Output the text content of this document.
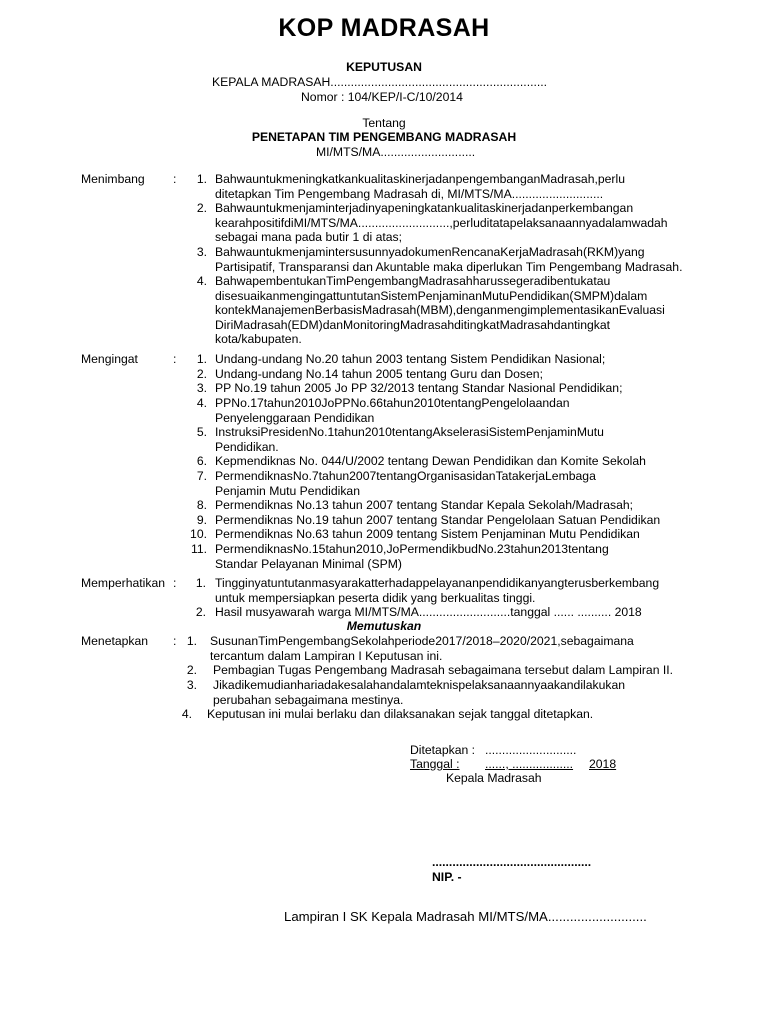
KOP MADRASAH
KEPUTUSAN
KEPALA MADRASAH................................................................
Nomor : 104/KEP/I-C/10/2014
Tentang
PENETAPAN TIM PENGEMBANG MADRASAH
MI/MTS/MA............................
Menimbang :	1. BahwauntukmeningkatkankualitaskinerjadanpengembanganMadrasah,perlu
ditetapkan Tim Pengembang Madrasah di, MI/MTS/MA...........................
2. Bahwauntukmenjaminterjadinyapeningkatankualitaskinerjadanperkembangan
kearahpositifdiMI/MTS/MA...........................,perluditatapelaksanaannyadalamwadah
sebagai mana pada butir 1 di atas;
3. BahwauntukmenjamintersusunnyadokumenRencanaKerjaMadrasah(RKM)yang
Partisipatif, Transparansi dan Akuntable maka diperlukan Tim Pengembang Madrasah.
4. BahwapembentukanTimPengembangMadrasahharussegeradibentukatau
disesuaikanmengingattuntutanSistemPenjaminanMutuPendidikan(SMPM)dalam
kontekManajemenBerbasisMadrasah(MBM),denganmengimplementasikanEvaluasi
DiriMadrasah(EDM)danMonitoringMadrasahditingkatMadrasahdantingkat
kota/kabupaten.
Mengingat	:	1. Undang-undang No.20 tahun 2003 tentang Sistem Pendidikan Nasional;
2. Undang-undang No.14 tahun 2005 tentang Guru dan Dosen;
3. PP No.19 tahun 2005 Jo PP 32/2013 tentang Standar Nasional Pendidikan;
4. PPNo.17tahun2010JoPPNo.66tahun2010tentangPengelolaandan
Penyelenggaraan Pendidikan
5. InstruksiPresidenNo.1tahun2010tentangAkselerasiSistemPenjaminMutu
Pendidikan.
6. Kepmendiknas No. 044/U/2002 tentang Dewan Pendidikan dan Komite Sekolah
7. PermendiknasNo.7tahun2007tentangOrganisasidanTatakerjaLembaga
Penjamin Mutu Pendidikan
8. Permendiknas No.13 tahun 2007 tentang Standar Kepala Sekolah/Madrasah;
9. Permendiknas No.19 tahun 2007 tentang Standar Pengelolaan Satuan Pendidikan
10. Permendiknas No.63 tahun 2009 tentang Sistem Penjaminan Mutu Pendidikan
11. PermendiknasNo.15tahun2010,JoPermendikbudNo.23tahun2013tentang
Standar Pelayanan Minimal (SPM)
Memperhatikan :	1. Tingginyatuntutanmasyarakatterhadappelayananpendidikanyangterusberkembang
untuk mempersiapkan peserta didik yang berkualitas tinggi.
2. Hasil musyawarah warga MI/MTS/MA...........................tanggal ...... .......... 2018
Memutuskan
Menetapkan : 1. SusunanTimPengembangSekolahperiode2017/2018–2020/2021,sebagaimana
tercantum dalam Lampiran I Keputusan ini.
2. Pembagian Tugas Pengembang Madrasah sebagaimana tersebut dalam Lampiran II.
3. Jikadikemudianhariadakesalahandalamteknispelaksanaannyaakandilakukan
perubahan sebagaimana mestinya.
4. Keputusan ini mulai berlaku dan dilaksanakan sejak tanggal ditetapkan.
Ditetapkan : ...........................
Tanggal : ......, .................. 2018
Kepala Madrasah
...............................................
NIP. -
Lampiran I SK Kepala Madrasah MI/MTS/MA...........................
